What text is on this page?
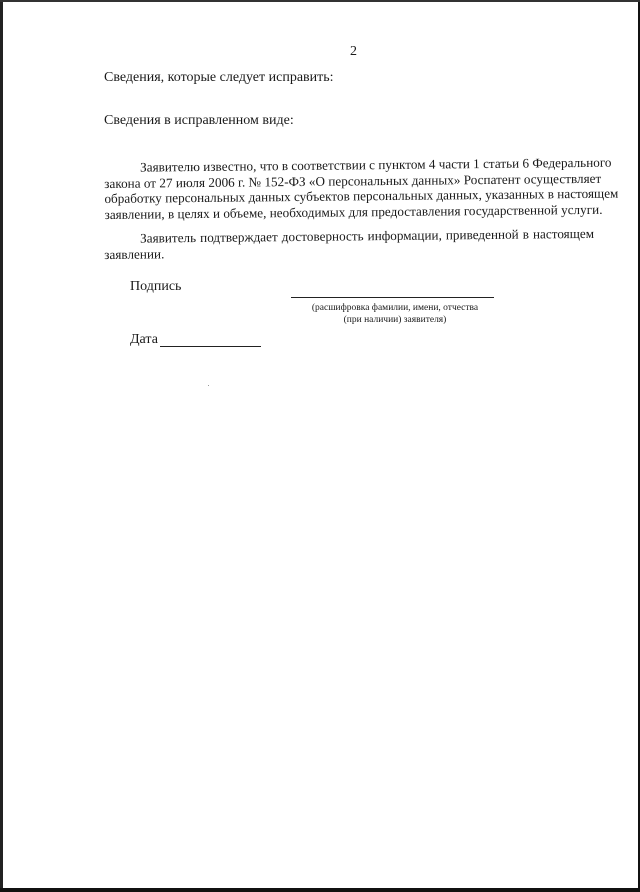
2
Сведения, которые следует исправить:
Сведения в исправленном виде:
Заявителю известно, что в соответствии с пунктом 4 части 1 статьи 6 Федерального
закона от 27 июля 2006 г. № 152-ФЗ «О персональных данных» Роспатент осуществляет
обработку персональных данных субъектов персональных данных, указанных в настоящем
заявлении, в целях и объеме, необходимых для предоставления государственной услуги.
Заявитель подтверждает достоверность информации, приведенной в настоящем
заявлении.
Подпись
(расшифровка фамилии, имени, отчества
(при наличии) заявителя)
Дата
